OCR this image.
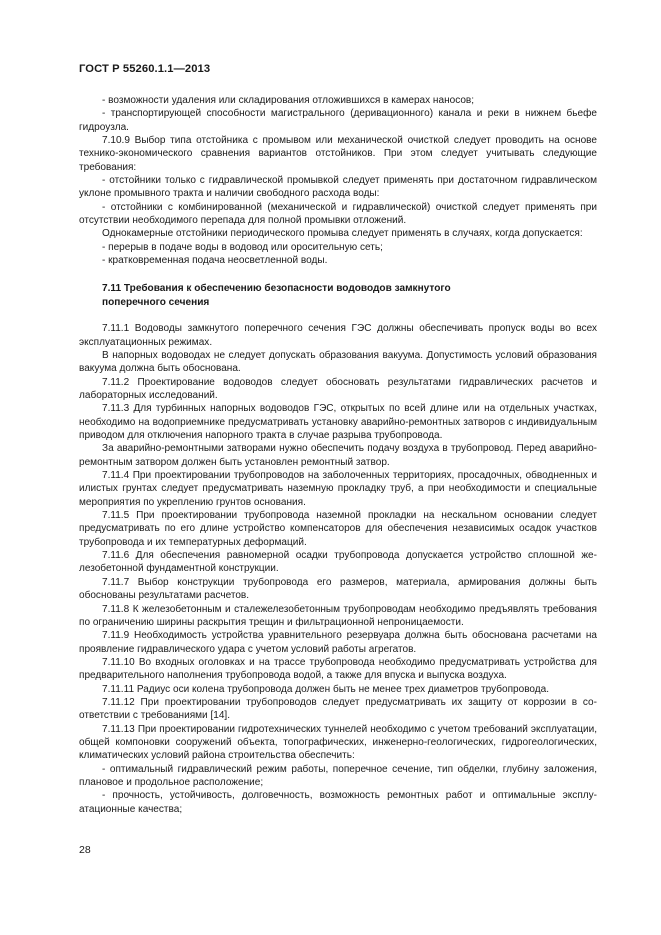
ГОСТ Р 55260.1.1—2013

‑ возможности удаления или складирования отложившихся в камерах наносов;

‑ транспортирующей способности магистрального (деривационного) канала и реки в нижнем бьефе гидроузла.

7.10.9 Выбор типа отстойника с промывом или механической очисткой следует проводить на основе технико-экономического сравнения вариантов отстойников. При этом следует учитывать следующие требования:

‑ отстойники только с гидравлической промывкой следует применять при достаточном гидравлическом уклоне промывного тракта и наличии свободного расхода воды:

‑ отстойники с комбинированной (механической и гидравлической) очисткой следует применять при отсутствии необходимого перепада для полной промывки отложений.

Однокамерные отстойники периодического промыва следует применять в случаях, когда допускается:

‑ перерыв в подаче воды в водовод или оросительную сеть;

‑ кратковременная подача неосветленной воды.

7.11 Требования к обеспечению безопасности водоводов замкнутого
поперечного сечения

7.11.1 Водоводы замкнутого поперечного сечения ГЭС должны обеспечивать пропуск воды во всех эксплуатационных режимах.

В напорных водоводах не следует допускать образования вакуума. Допустимость условий образования вакуума должна быть обоснована.

7.11.2 Проектирование водоводов следует обосновать результатами гидравлических расчетов и лабораторных исследований.

7.11.3 Для турбинных напорных водоводов ГЭС, открытых по всей длине или на отдельных участках, необходимо на водоприемнике предусматривать установку аварийно-ремонтных затворов с индивидуальным приводом для отключения напорного тракта в случае разрыва трубопровода.

За аварийно-ремонтными затворами нужно обеспечить подачу воздуха в трубопровод. Перед аварийно-ремонтным затвором должен быть установлен ремонтный затвор.

7.11.4 При проектировании трубопроводов на заболоченных территориях, просадочных, обводненных и илистых грунтах следует предусматривать наземную прокладку труб, а при необходимости и специальные мероприятия по укреплению грунтов основания.

7.11.5 При проектировании трубопровода наземной прокладки на нескальном основании следует предусматривать по его длине устройство компенсаторов для обеспечения независимых осадок участков трубопровода и их температурных деформаций.

7.11.6 Для обеспечения равномерной осадки трубопровода допускается устройство сплошной железобетонной фундаментной конструкции.

7.11.7 Выбор конструкции трубопровода его размеров, материала, армирования должны быть обоснованы результатами расчетов.

7.11.8 К железобетонным и сталежелезобетонным трубопроводам необходимо предъявлять требования по ограничению ширины раскрытия трещин и фильтрационной непроницаемости.

7.11.9 Необходимость устройства уравнительного резервуара должна быть обоснована расчетами на проявление гидравлического удара с учетом условий работы агрегатов.

7.11.10 Во входных оголовках и на трассе трубопровода необходимо предусматривать устройства для предварительного наполнения трубопровода водой, а также для впуска и выпуска воздуха.

7.11.11 Радиус оси колена трубопровода должен быть не менее трех диаметров трубопровода.

7.11.12 При проектировании трубопроводов следует предусматривать их защиту от коррозии в соответствии с требованиями [14].

7.11.13 При проектировании гидротехнических туннелей необходимо с учетом требований эксплуатации, общей компоновки сооружений объекта, топографических, инженерно-геологических, гидрогеологических, климатических условий района строительства обеспечить:

‑ оптимальный гидравлический режим работы, поперечное сечение, тип обделки, глубину заложения, плановое и продольное расположение;

‑ прочность, устойчивость, долговечность, возможность ремонтных работ и оптимальные эксплуатационные качества;

28
